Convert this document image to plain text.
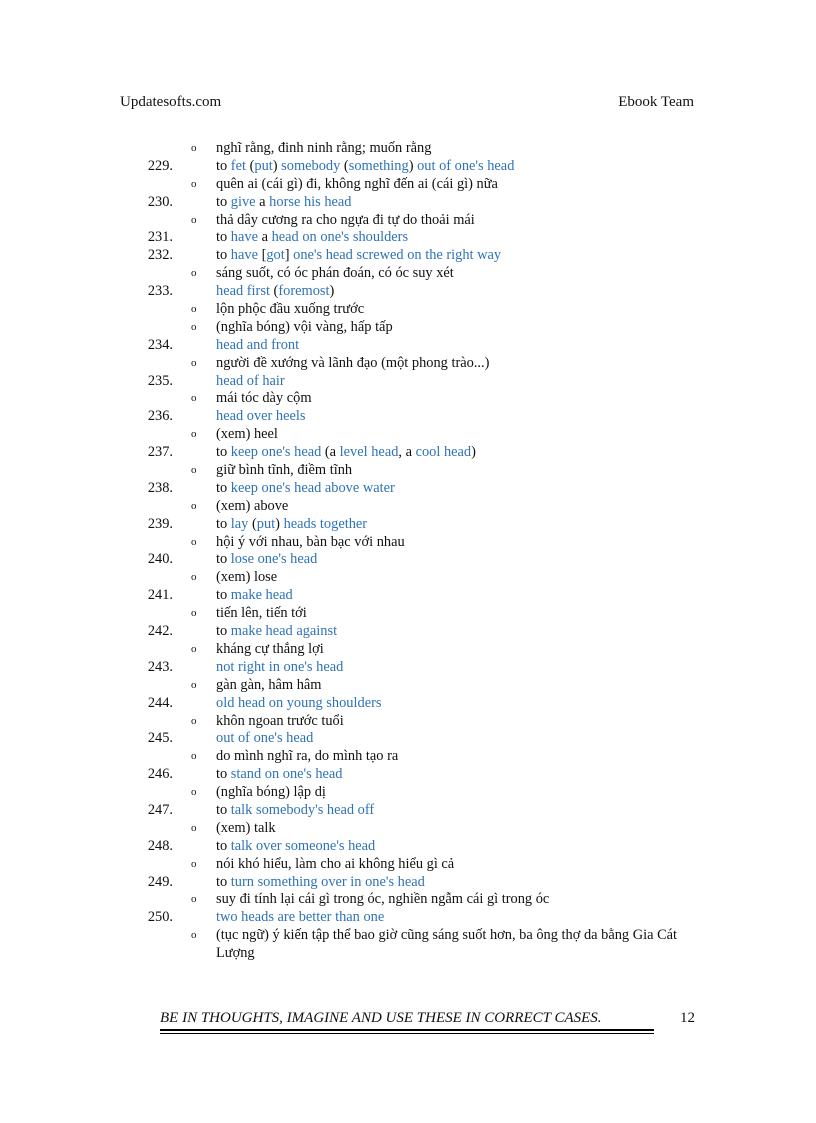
Updatesofts.com	Ebook Team
o nghĩ rằng, đinh ninh rằng; muốn rằng
229.	to fet (put) somebody (something) out of one's head
o quên ai (cái gì) đi, không nghĩ đến ai (cái gì) nữa
230.	to give a horse his head
o thả dây cương ra cho ngựa đi tự do thoải mái
231.	to have a head on one's shoulders
232.	to have [got] one's head screwed on the right way
o sáng suốt, có óc phán đoán, có óc suy xét
233.	head first (foremost)
o lộn phộc đầu xuống trước
o (nghĩa bóng) vội vàng, hấp tấp
234.	head and front
o người đề xướng và lãnh đạo (một phong trào...)
235.	head of hair
o mái tóc dày cộm
236.	head over heels
o (xem) heel
237.	to keep one's head (a level head, a cool head)
o giữ bình tĩnh, điềm tĩnh
238.	to keep one's head above water
o (xem) above
239.	to lay (put) heads together
o hội ý với nhau, bàn bạc với nhau
240.	to lose one's head
o (xem) lose
241.	to make head
o tiến lên, tiến tới
242.	to make head against
o kháng cự thắng lợi
243.	not right in one's head
o gàn gàn, hâm hâm
244.	old head on young shoulders
o khôn ngoan trước tuổi
245.	out of one's head
o do mình nghĩ ra, do mình tạo ra
246.	to stand on one's head
o (nghĩa bóng) lập dị
247.	to talk somebody's head off
o (xem) talk
248.	to talk over someone's head
o nói khó hiểu, làm cho ai không hiểu gì cả
249.	to turn something over in one's head
o suy đi tính lại cái gì trong óc, nghiền ngẫm cái gì trong óc
250.	two heads are better than one
o (tục ngữ) ý kiến tập thể bao giờ cũng sáng suốt hơn, ba ông thợ da bằng Gia Cát Lượng
BE IN THOUGHTS, IMAGINE AND USE THESE IN CORRECT CASES.	12
